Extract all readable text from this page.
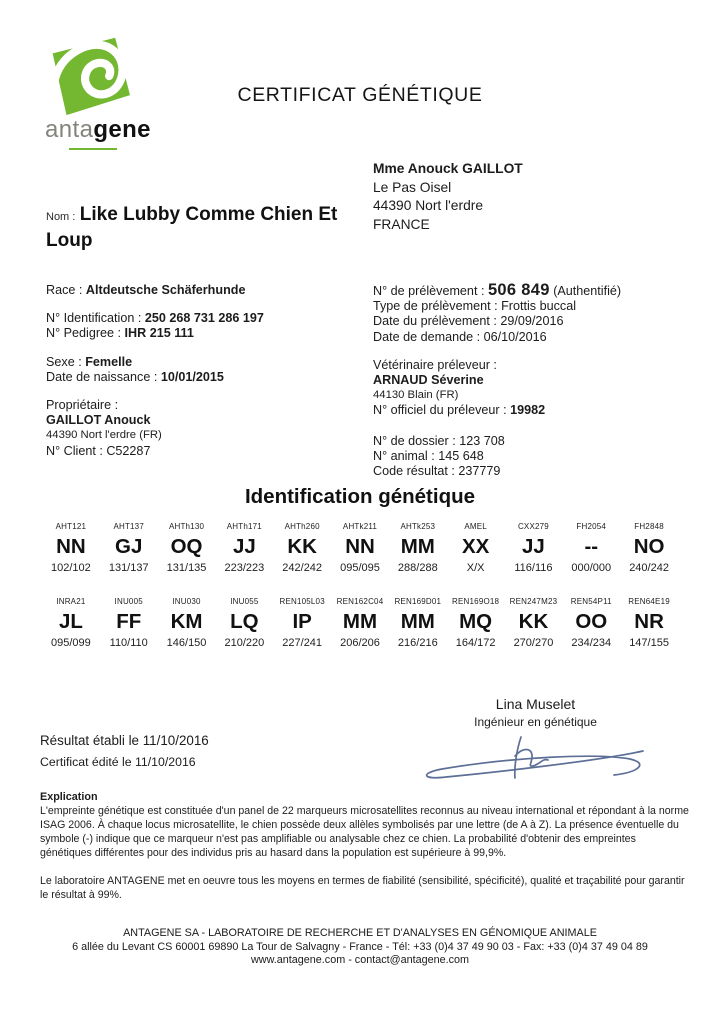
antagene
CERTIFICAT GÉNÉTIQUE
Mme Anouck GAILLOT
Le Pas Oisel
44390 Nort l'erdre
FRANCE
Nom : Like Lubby Comme Chien Et Loup
Race : Altdeutsche Schäferhunde
N° Identification : 250 268 731 286 197
N° Pedigree : IHR 215 111
Sexe : Femelle
Date de naissance : 10/01/2015
Propriétaire :
GAILLOT Anouck
44390 Nort l'erdre (FR)
N° Client : C52287
N° de prélèvement : 506 849 (Authentifié)
Type de prélèvement : Frottis buccal
Date du prélèvement : 29/09/2016
Date de demande : 06/10/2016
Vétérinaire préleveur :
ARNAUD Séverine
44130 Blain (FR)
N° officiel du préleveur : 19982
N° de dossier : 123 708
N° animal : 145 648
Code résultat : 237779
Identification génétique
AHT121
NN
102/102
AHT137
GJ
131/137
AHTh130
OQ
131/135
AHTh171
JJ
223/223
AHTh260
KK
242/242
AHTk211
NN
095/095
AHTk253
MM
288/288
AMEL
XX
X/X
CXX279
JJ
116/116
FH2054
--
000/000
FH2848
NO
240/242
INRA21
JL
095/099
INU005
FF
110/110
INU030
KM
146/150
INU055
LQ
210/220
REN105L03
IP
227/241
REN162C04
MM
206/206
REN169D01
MM
216/216
REN169O18
MQ
164/172
REN247M23
KK
270/270
REN54P11
OO
234/234
REN64E19
NR
147/155
Lina Muselet
Ingénieur en génétique
Résultat établi le 11/10/2016
Certificat édité le 11/10/2016
Explication

L'empreinte génétique est constituée d'un panel de 22 marqueurs microsatellites reconnus au niveau international et répondant à la norme ISAG 2006. À chaque locus microsatellite, le chien possède deux allèles symbolisés par une lettre (de A à Z). La présence éventuelle du symbole (-) indique que ce marqueur n'est pas amplifiable ou analysable chez ce chien. La probabilité d'obtenir des empreintes génétiques différentes pour des individus pris au hasard dans la population est supérieure à 99,9%.

Le laboratoire ANTAGENE met en oeuvre tous les moyens en termes de fiabilité (sensibilité, spécificité), qualité et traçabilité pour garantir le résultat à 99%.

ANTAGENE SA - LABORATOIRE DE RECHERCHE ET D'ANALYSES EN GÉNOMIQUE ANIMALE
6 allée du Levant CS 60001 69890 La Tour de Salvagny - France - Tél: +33 (0)4 37 49 90 03 - Fax: +33 (0)4 37 49 04 89
www.antagene.com - contact@antagene.com
